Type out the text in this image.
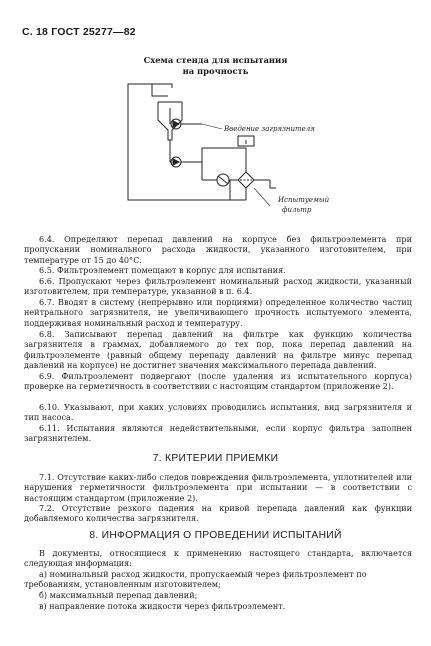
С. 18 ГОСТ 25277—82
Схема стенда для испытания
на прочность
Введение загрязнителя
Испытуемый
фильтр
6.4. Определяют перепад давлений на корпусе без фильтроэлемента при пропускании номинального расхода жидкости, указанного изготовителем, при температуре от 15 до 40°С.
6.5. Фильтроэлемент помещают в корпус для испытания.
6.6. Пропускают через фильтроэлемент номинальный расход жидкости, указанный изготовителем, при температуре, указанной в п. 6.4.
6.7. Вводят в систему (непрерывно или порциями) определенное количество частиц нейтрального загрязнителя, не увеличивающего прочность испытуемого элемента, поддерживая номинальный расход и температуру.
6.8. Записывают перепад давлений на фильтре как функцию количества загрязнителя в граммах, добавляемого до тех пор, пока перепад давлений на фильтроэлементе (равный общему перепаду давлений на фильтре минус перепад давлений на корпусе) не достигнет значения максимального перепада давлений.
6.9. Фильтроэлемент подвергают (после удаления из испытательного корпуса) проверке на герметичность в соответствии с настоящим стандартом (приложение 2).
6.10. Указывают, при каких условиях проводились испытания, вид загрязнителя и тип насоса.
6.11. Испытания являются недействительными, если корпус фильтра заполнен загрязнителем.
7. КРИТЕРИИ ПРИЕМКИ
7.1. Отсутствие каких-либо следов повреждения фильтроэлемента, уплотнителей или нарушения герметичности фильтроэлемента при испытании — в соответствии с настоящим стандартом (приложение 2).
7.2. Отсутствие резкого падения на кривой перепада давлений как функции добавляемого количества загрязнителя.
8. ИНФОРМАЦИЯ О ПРОВЕДЕНИИ ИСПЫТАНИЙ
В документы, относящиеся к применению настоящего стандарта, включается следующая информация:
а) номинальный расход жидкости, пропускаемый через фильтроэлемент по требованиям, установленным изготовителем;
б) максимальный перепад давлений;
в) направление потока жидкости через фильтроэлемент.
